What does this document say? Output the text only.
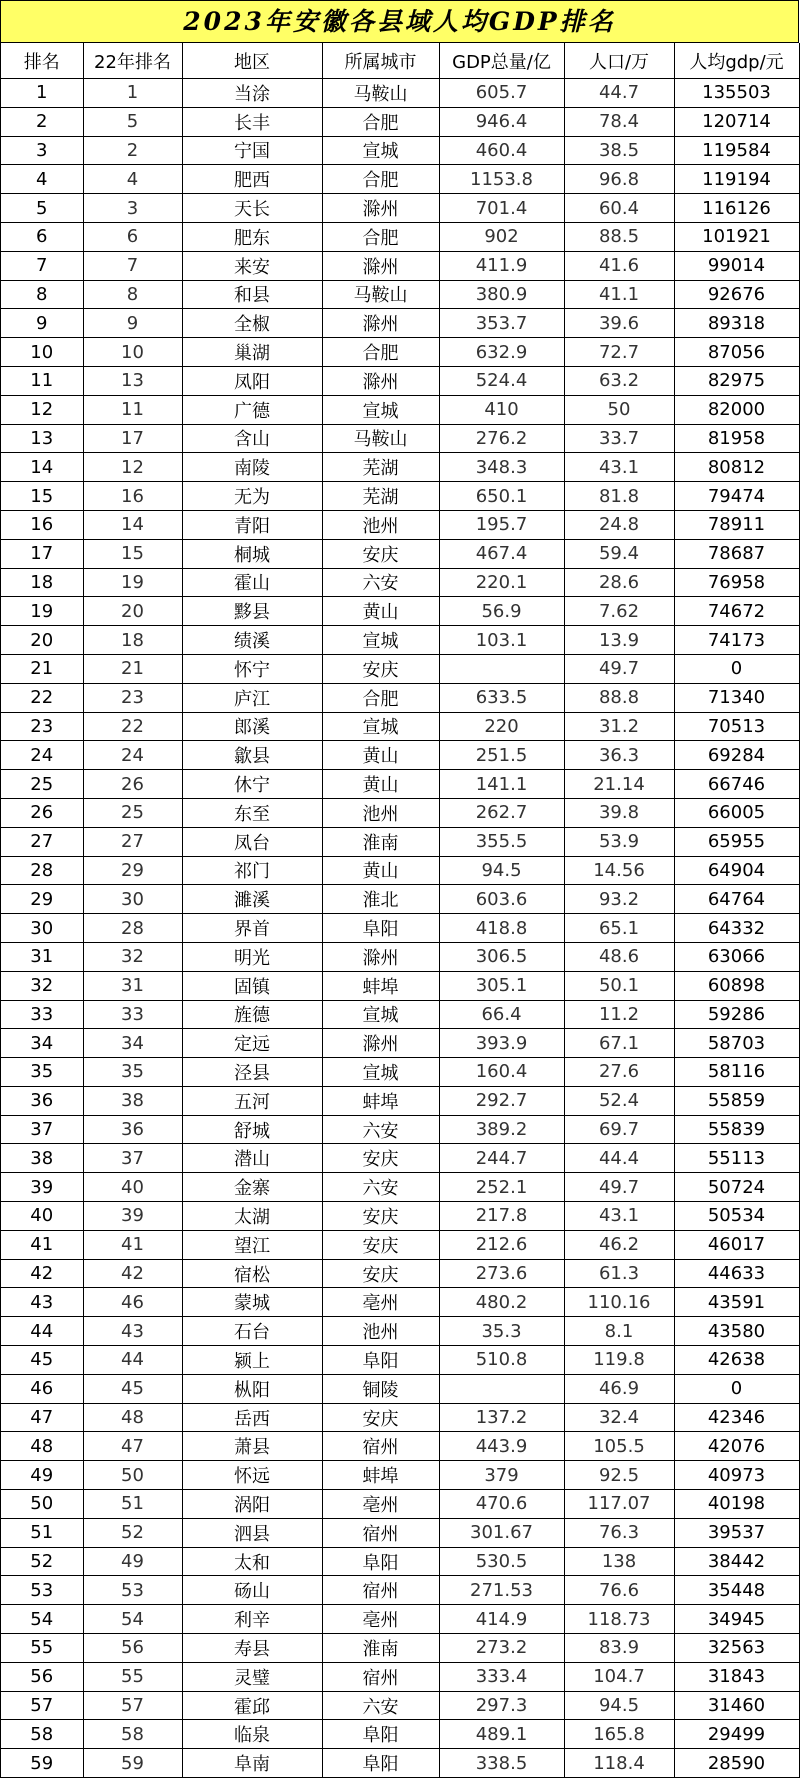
2023年安徽各县域人均GDP排名
排名	22年排名	地区	所属城市	GDP总量/亿	人口/万	人均gdp/元
1	1	当涂	马鞍山	605.7	44.7	135503
2	5	长丰	合肥	946.4	78.4	120714
3	2	宁国	宣城	460.4	38.5	119584
4	4	肥西	合肥	1153.8	96.8	119194
5	3	天长	滁州	701.4	60.4	116126
6	6	肥东	合肥	902	88.5	101921
7	7	来安	滁州	411.9	41.6	99014
8	8	和县	马鞍山	380.9	41.1	92676
9	9	全椒	滁州	353.7	39.6	89318
10	10	巢湖	合肥	632.9	72.7	87056
11	13	凤阳	滁州	524.4	63.2	82975
12	11	广德	宣城	410	50	82000
13	17	含山	马鞍山	276.2	33.7	81958
14	12	南陵	芜湖	348.3	43.1	80812
15	16	无为	芜湖	650.1	81.8	79474
16	14	青阳	池州	195.7	24.8	78911
17	15	桐城	安庆	467.4	59.4	78687
18	19	霍山	六安	220.1	28.6	76958
19	20	黟县	黄山	56.9	7.62	74672
20	18	绩溪	宣城	103.1	13.9	74173
21	21	怀宁	安庆		49.7	0
22	23	庐江	合肥	633.5	88.8	71340
23	22	郎溪	宣城	220	31.2	70513
24	24	歙县	黄山	251.5	36.3	69284
25	26	休宁	黄山	141.1	21.14	66746
26	25	东至	池州	262.7	39.8	66005
27	27	凤台	淮南	355.5	53.9	65955
28	29	祁门	黄山	94.5	14.56	64904
29	30	濉溪	淮北	603.6	93.2	64764
30	28	界首	阜阳	418.8	65.1	64332
31	32	明光	滁州	306.5	48.6	63066
32	31	固镇	蚌埠	305.1	50.1	60898
33	33	旌德	宣城	66.4	11.2	59286
34	34	定远	滁州	393.9	67.1	58703
35	35	泾县	宣城	160.4	27.6	58116
36	38	五河	蚌埠	292.7	52.4	55859
37	36	舒城	六安	389.2	69.7	55839
38	37	潜山	安庆	244.7	44.4	55113
39	40	金寨	六安	252.1	49.7	50724
40	39	太湖	安庆	217.8	43.1	50534
41	41	望江	安庆	212.6	46.2	46017
42	42	宿松	安庆	273.6	61.3	44633
43	46	蒙城	亳州	480.2	110.16	43591
44	43	石台	池州	35.3	8.1	43580
45	44	颍上	阜阳	510.8	119.8	42638
46	45	枞阳	铜陵		46.9	0
47	48	岳西	安庆	137.2	32.4	42346
48	47	萧县	宿州	443.9	105.5	42076
49	50	怀远	蚌埠	379	92.5	40973
50	51	涡阳	亳州	470.6	117.07	40198
51	52	泗县	宿州	301.67	76.3	39537
52	49	太和	阜阳	530.5	138	38442
53	53	砀山	宿州	271.53	76.6	35448
54	54	利辛	亳州	414.9	118.73	34945
55	56	寿县	淮南	273.2	83.9	32563
56	55	灵璧	宿州	333.4	104.7	31843
57	57	霍邱	六安	297.3	94.5	31460
58	58	临泉	阜阳	489.1	165.8	29499
59	59	阜南	阜阳	338.5	118.4	28590
